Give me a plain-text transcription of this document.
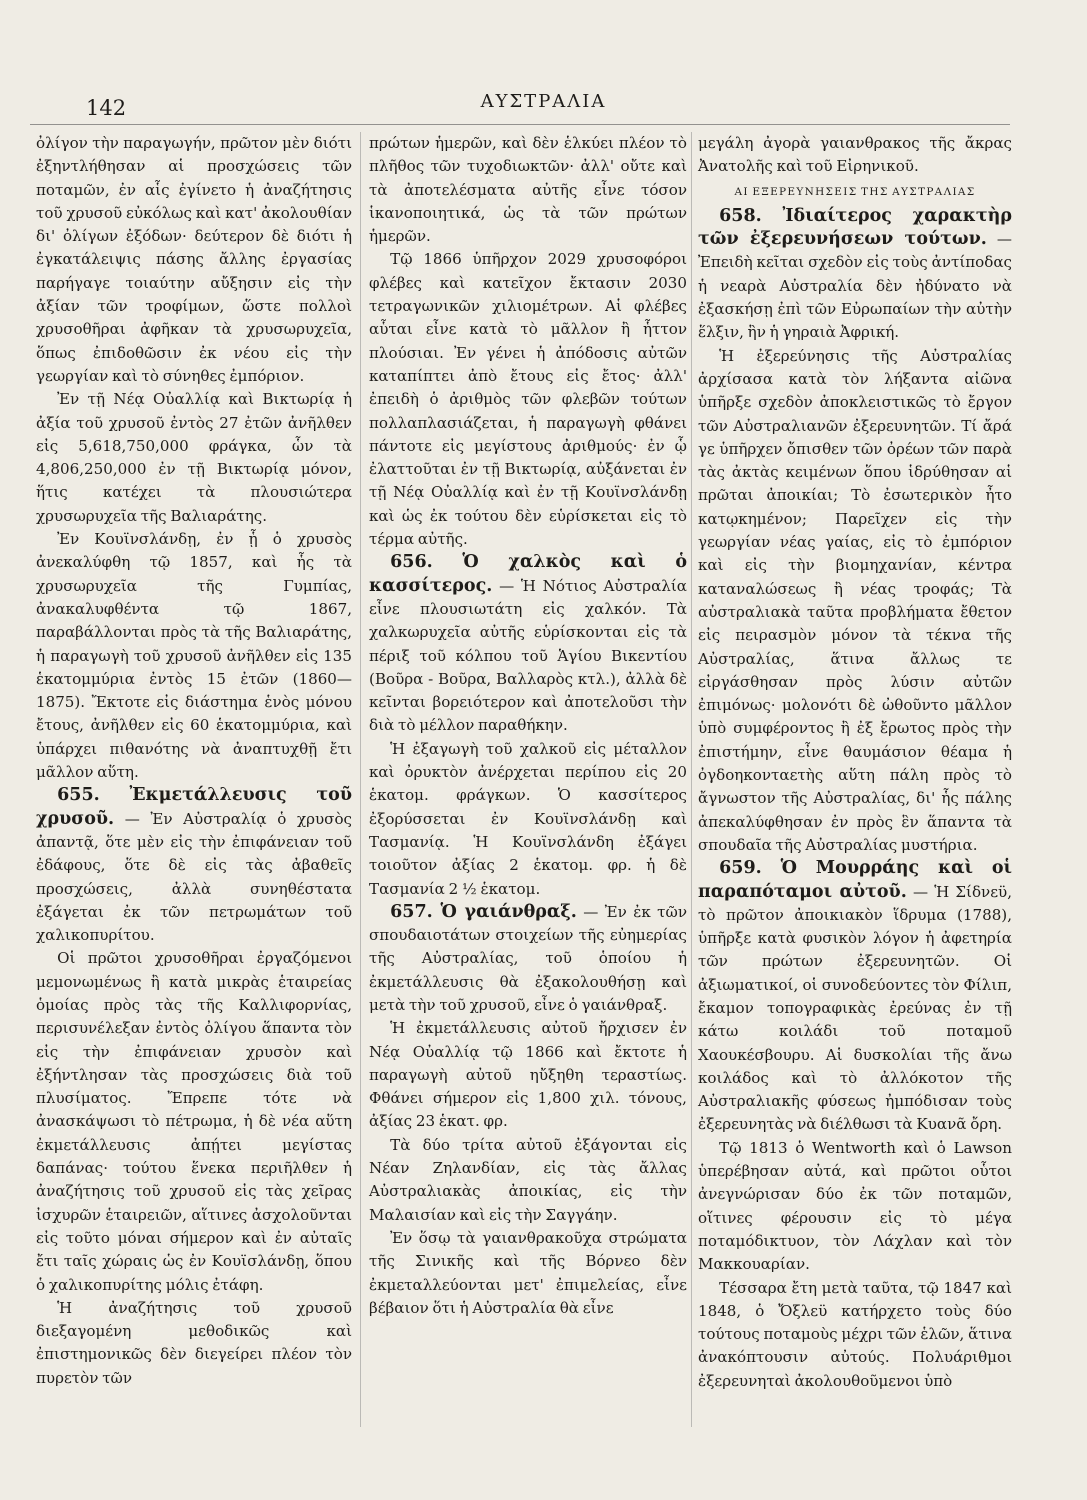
142	ΑΥΣΤΡΑΛΙΑ

ὀλίγον τὴν παραγωγήν, πρῶτον μὲν διότι ἐξηντλήθησαν αἱ προσχώσεις τῶν ποταμῶν, ἐν αἷς ἐγίνετο ἡ ἀναζήτησις τοῦ χρυσοῦ εὐκόλως καὶ κατ' ἀκολουθίαν δι' ὀλίγων ἐξόδων· δεύτερον δὲ διότι ἡ ἐγκατάλειψις πάσης ἄλλης ἐργασίας παρήγαγε τοιαύτην αὔξησιν εἰς τὴν ἀξίαν τῶν τροφίμων, ὥστε πολλοὶ χρυσοθῆραι ἀφῆκαν τὰ χρυσωρυχεῖα, ὅπως ἐπιδοθῶσιν ἐκ νέου εἰς τὴν γεωργίαν καὶ τὸ σύνηθες ἐμπόριον.

Ἐν τῇ Νέᾳ Οὐαλλίᾳ καὶ Βικτωρίᾳ ἡ ἀξία τοῦ χρυσοῦ ἐντὸς 27 ἐτῶν ἀνῆλθεν εἰς 5,618,750,000 φράγκα, ὧν τὰ 4,806,250,000 ἐν τῇ Βικτωρίᾳ μόνον, ἥτις κατέχει τὰ πλουσιώτερα χρυσωρυχεῖα τῆς Βαλιαράτης.

Ἐν Κουϊνσλάνδῃ, ἐν ᾗ ὁ χρυσὸς ἀνεκαλύφθη τῷ 1857, καὶ ἧς τὰ χρυσωρυχεῖα τῆς Γυμπίας, ἀνακαλυφθέντα τῷ 1867, παραβάλλονται πρὸς τὰ τῆς Βαλιαράτης, ἡ παραγωγὴ τοῦ χρυσοῦ ἀνῆλθεν εἰς 135 ἑκατομμύρια ἐντὸς 15 ἐτῶν (1860—1875). Ἔκτοτε εἰς διάστημα ἑνὸς μόνου ἔτους, ἀνῆλθεν εἰς 60 ἑκατομμύρια, καὶ ὑπάρχει πιθανότης νὰ ἀναπτυχθῇ ἔτι μᾶλλον αὕτη.

655. Ἐκμετάλλευσις τοῦ χρυσοῦ. — Ἐν Αὐστραλίᾳ ὁ χρυσὸς ἀπαντᾷ, ὅτε μὲν εἰς τὴν ἐπιφάνειαν τοῦ ἐδάφους, ὅτε δὲ εἰς τὰς ἀβαθεῖς προσχώσεις, ἀλλὰ συνηθέστατα ἐξάγεται ἐκ τῶν πετρωμάτων τοῦ χαλικοπυρίτου.

Οἱ πρῶτοι χρυσοθῆραι ἐργαζόμενοι μεμονωμένως ἢ κατὰ μικρὰς ἑταιρείας ὁμοίας πρὸς τὰς τῆς Καλλιφορνίας, περισυνέλεξαν ἐντὸς ὀλίγου ἅπαντα τὸν εἰς τὴν ἐπιφάνειαν χρυσὸν καὶ ἐξήντλησαν τὰς προσχώσεις διὰ τοῦ πλυσίματος. Ἔπρεπε τότε νὰ ἀνασκάψωσι τὸ πέτρωμα, ἡ δὲ νέα αὕτη ἐκμετάλλευσις ἀπῄτει μεγίστας δαπάνας· τούτου ἕνεκα περιῆλθεν ἡ ἀναζήτησις τοῦ χρυσοῦ εἰς τὰς χεῖρας ἰσχυρῶν ἑταιρειῶν, αἵτινες ἀσχολοῦνται εἰς τοῦτο μόναι σήμερον καὶ ἐν αὐταῖς ἔτι ταῖς χώραις ὡς ἐν Κουϊσλάνδῃ, ὅπου ὁ χαλικοπυρίτης μόλις ἐτάφη.

Ἡ ἀναζήτησις τοῦ χρυσοῦ διεξαγομένη μεθοδικῶς καὶ ἐπιστημονικῶς δὲν διεγείρει πλέον τὸν πυρετὸν τῶν

πρώτων ἡμερῶν, καὶ δὲν ἑλκύει πλέον τὸ πλῆθος τῶν τυχοδιωκτῶν· ἀλλ' οὔτε καὶ τὰ ἀποτελέσματα αὐτῆς εἶνε τόσον ἱκανοποιητικά, ὡς τὰ τῶν πρώτων ἡμερῶν.

Τῷ 1866 ὑπῆρχον 2029 χρυσοφόροι φλέβες καὶ κατεῖχον ἔκτασιν 2030 τετραγωνικῶν χιλιομέτρων. Αἱ φλέβες αὗται εἶνε κατὰ τὸ μᾶλλον ἢ ἧττον πλούσιαι. Ἐν γένει ἡ ἀπόδοσις αὐτῶν καταπίπτει ἀπὸ ἔτους εἰς ἔτος· ἀλλ' ἐπειδὴ ὁ ἀριθμὸς τῶν φλεβῶν τούτων πολλαπλασιάζεται, ἡ παραγωγὴ φθάνει πάντοτε εἰς μεγίστους ἀριθμούς· ἐν ᾧ ἐλαττοῦται ἐν τῇ Βικτωρίᾳ, αὐξάνεται ἐν τῇ Νέᾳ Οὐαλλίᾳ καὶ ἐν τῇ Κουϊνσλάνδῃ καὶ ὡς ἐκ τούτου δὲν εὑρίσκεται εἰς τὸ τέρμα αὐτῆς.

656. Ὁ χαλκὸς καὶ ὁ κασσίτερος. — Ἡ Νότιος Αὐστραλία εἶνε πλουσιωτάτη εἰς χαλκόν. Τὰ χαλκωρυχεῖα αὐτῆς εὑρίσκονται εἰς τὰ πέριξ τοῦ κόλπου τοῦ Ἁγίου Βικεντίου (Βοῦρα - Βοῦρα, Βαλλαρὸς κτλ.), ἀλλὰ δὲ κεῖνται βορειότερον καὶ ἀποτελοῦσι τὴν διὰ τὸ μέλλον παραθήκην.

Ἡ ἐξαγωγὴ τοῦ χαλκοῦ εἰς μέταλλον καὶ ὀρυκτὸν ἀνέρχεται περίπου εἰς 20 ἑκατομ. φράγκων. Ὁ κασσίτερος ἐξορύσσεται ἐν Κουϊνσλάνδῃ καὶ Τασμανίᾳ. Ἡ Κουϊνσλάνδη ἐξάγει τοιοῦτον ἀξίας 2 ἑκατομ. φρ. ἡ δὲ Τασμανία 2 ½ ἑκατομ.

657. Ὁ γαιάνθραξ. — Ἐν ἐκ τῶν σπουδαιοτάτων στοιχείων τῆς εὐημερίας τῆς Αὐστραλίας, τοῦ ὁποίου ἡ ἐκμετάλλευσις θὰ ἐξακολουθήσῃ καὶ μετὰ τὴν τοῦ χρυσοῦ, εἶνε ὁ γαιάνθραξ.

Ἡ ἐκμετάλλευσις αὐτοῦ ἤρχισεν ἐν Νέᾳ Οὐαλλίᾳ τῷ 1866 καὶ ἔκτοτε ἡ παραγωγὴ αὐτοῦ ηὔξηθη τεραστίως. Φθάνει σήμερον εἰς 1,800 χιλ. τόνους, ἀξίας 23 ἑκατ. φρ.

Τὰ δύο τρίτα αὐτοῦ ἐξάγονται εἰς Νέαν Ζηλανδίαν, εἰς τὰς ἄλλας Αὐστραλιακὰς ἀποικίας, εἰς τὴν Μαλαισίαν καὶ εἰς τὴν Σαγγάην.

Ἐν ὅσῳ τὰ γαιανθρακοῦχα στρώματα τῆς Σινικῆς καὶ τῆς Βόρνεο δὲν ἐκμεταλλεύονται μετ' ἐπιμελείας, εἶνε βέβαιον ὅτι ἡ Αὐστραλία θὰ εἶνε

μεγάλη ἀγορὰ γαιανθρακος τῆς ἄκρας Ἀνατολῆς καὶ τοῦ Εἰρηνικοῦ.

ΑΙ ΕΞΕΡΕΥΝΗΣΕΙΣ ΤΗΣ ΑΥΣΤΡΑΛΙΑΣ

658. Ἰδιαίτερος χαρακτὴρ τῶν ἐξερευνήσεων τούτων. — Ἐπειδὴ κεῖται σχεδὸν εἰς τοὺς ἀντίποδας ἡ νεαρὰ Αὐστραλία δὲν ἠδύνατο νὰ ἐξασκήσῃ ἐπὶ τῶν Εὐρωπαίων τὴν αὐτὴν ἕλξιν, ἣν ἡ γηραιὰ Ἀφρική.

Ἡ ἐξερεύνησις τῆς Αὐστραλίας ἀρχίσασα κατὰ τὸν λήξαντα αἰῶνα ὑπῆρξε σχεδὸν ἀποκλειστικῶς τὸ ἔργον τῶν Αὐστραλιανῶν ἐξερευνητῶν. Τί ἄρά γε ὑπῆρχεν ὄπισθεν τῶν ὀρέων τῶν παρὰ τὰς ἀκτὰς κειμένων ὅπου ἱδρύθησαν αἱ πρῶται ἀποικίαι; Τὸ ἐσωτερικὸν ἦτο κατῳκημένον; Παρεῖχεν εἰς τὴν γεωργίαν νέας γαίας, εἰς τὸ ἐμπόριον καὶ εἰς τὴν βιομηχανίαν, κέντρα καταναλώσεως ἢ νέας τροφάς; Τὰ αὐστραλιακὰ ταῦτα προβλήματα ἔθετον εἰς πειρασμὸν μόνον τὰ τέκνα τῆς Αὐστραλίας, ἅτινα ἄλλως τε εἰργάσθησαν πρὸς λύσιν αὐτῶν ἐπιμόνως· μολονότι δὲ ὠθοῦντο μᾶλλον ὑπὸ συμφέροντος ἢ ἐξ ἔρωτος πρὸς τὴν ἐπιστήμην, εἶνε θαυμάσιον θέαμα ἡ ὀγδοηκονταετὴς αὕτη πάλη πρὸς τὸ ἄγνωστον τῆς Αὐστραλίας, δι' ἧς πάλης ἀπεκαλύφθησαν ἐν πρὸς ἓν ἅπαντα τὰ σπουδαῖα τῆς Αὐστραλίας μυστήρια.

659. Ὁ Μουρράης καὶ οἱ παραπόταμοι αὐτοῦ. — Ἡ Σίδνεϋ, τὸ πρῶτον ἀποικιακὸν ἵδρυμα (1788), ὑπῆρξε κατὰ φυσικὸν λόγον ἡ ἀφετηρία τῶν πρώτων ἐξερευνητῶν. Οἱ ἀξιωματικοί, οἱ συνοδεύοντες τὸν Φίλιπ, ἔκαμον τοπογραφικὰς ἐρεύνας ἐν τῇ κάτω κοιλάδι τοῦ ποταμοῦ Χαουκέσβουρυ. Αἱ δυσκολίαι τῆς ἄνω κοιλάδος καὶ τὸ ἀλλόκοτον τῆς Αὐστραλιακῆς φύσεως ἠμπόδισαν τοὺς ἐξερευνητὰς νὰ διέλθωσι τὰ Κυανᾶ ὄρη.

Τῷ 1813 ὁ Wentworth καὶ ὁ Lawson ὑπερέβησαν αὐτά, καὶ πρῶτοι οὗτοι ἀνεγνώρισαν δύο ἐκ τῶν ποταμῶν, οἵτινες φέρουσιν εἰς τὸ μέγα ποταμόδικτυον, τὸν Λάχλαν καὶ τὸν Μακκουαρίαν.

Τέσσαρα ἔτη μετὰ ταῦτα, τῷ 1847 καὶ 1848, ὁ Ὄξλεϋ κατήρχετο τοὺς δύο τούτους ποταμοὺς μέχρι τῶν ἑλῶν, ἅτινα ἀνακόπτουσιν αὐτούς. Πολυάριθμοι ἐξερευνηταὶ ἀκολουθοῦμενοι ὑπὸ
